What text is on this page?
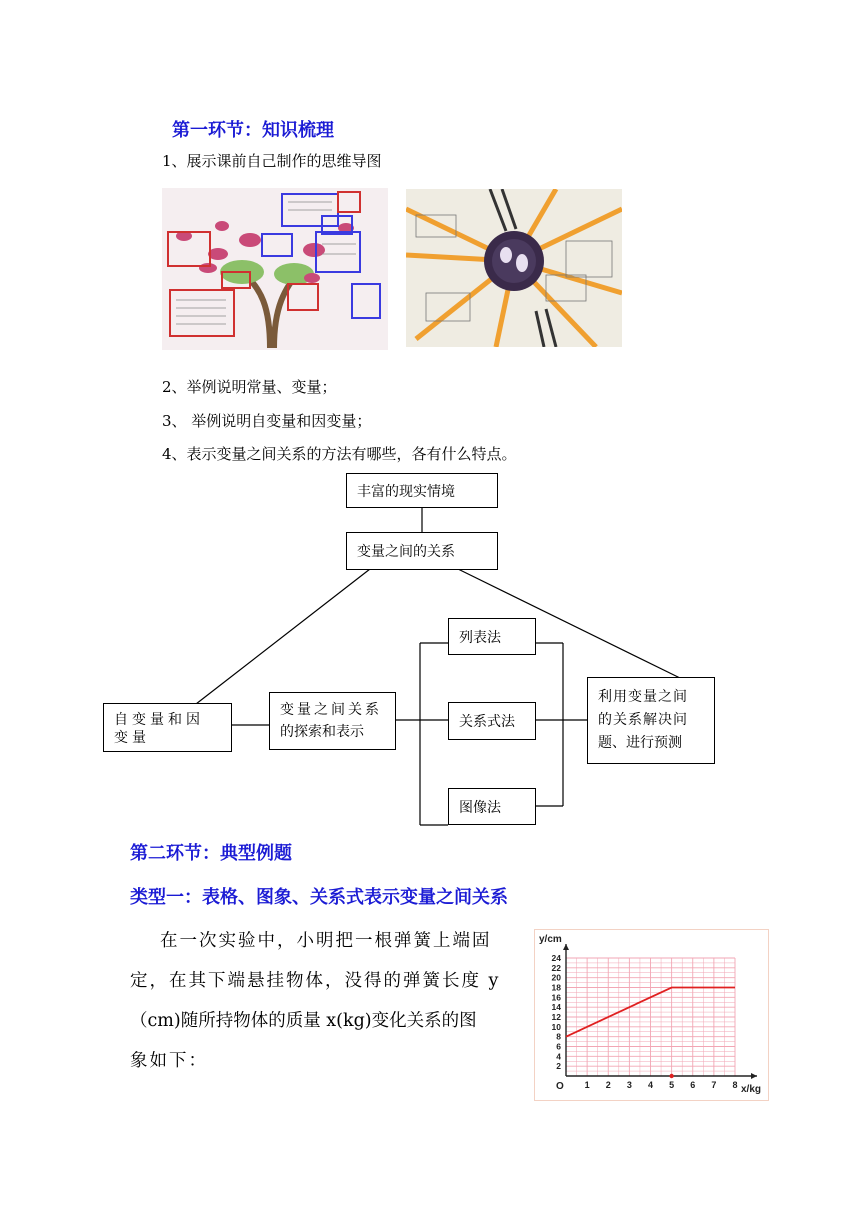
第一环节：知识梳理
1、展示课前自己制作的思维导图
2、举例说明常量、变量；
3、 举例说明自变量和因变量；
4、表示变量之间关系的方法有哪些，各有什么特点。
丰富的现实情境
变量之间的关系
自变量和因变量
变量之间关系
的探索和表示
列表法
关系式法
图像法
利用变量之间
的关系解决问
题、进行预测
第二环节：典型例题
类型一：表格、图象、关系式表示变量之间关系
在一次实验中，小明把一根弹簧上端固
定，在其下端悬挂物体，没得的弹簧长度 y
（cm)随所持物体的质量 x(kg)变化关系的图
象如下：
1 2 3 4 5 6 7 8
2
4
6
8
10
12
14
16
18
20
22
24
O
y/cm
x/kg
